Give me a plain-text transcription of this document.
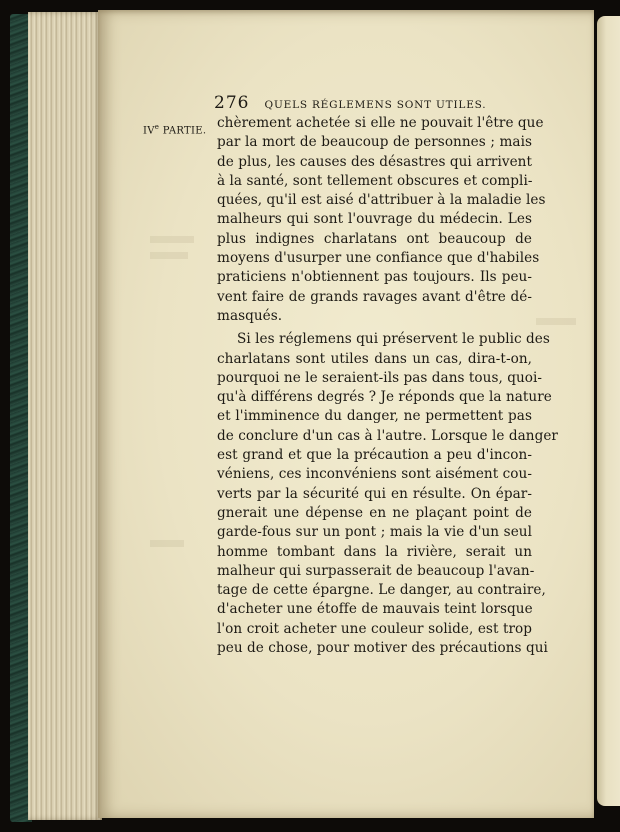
276 QUELS RÉGLEMENS SONT UTILES.
IVe PARTIE. chèrement achetée si elle ne pouvait l'être que
par la mort de beaucoup de personnes ; mais
de plus, les causes des désastres qui arrivent
à la santé, sont tellement obscures et compli-
quées, qu'il est aisé d'attribuer à la maladie les
malheurs qui sont l'ouvrage du médecin. Les
plus indignes charlatans ont beaucoup de
moyens d'usurper une confiance que d'habiles
praticiens n'obtiennent pas toujours. Ils peu-
vent faire de grands ravages avant d'être dé-
masqués.
Si les réglemens qui préservent le public des
charlatans sont utiles dans un cas, dira-t-on,
pourquoi ne le seraient-ils pas dans tous, quoi-
qu'à différens degrés ? Je réponds que la nature
et l'imminence du danger, ne permettent pas
de conclure d'un cas à l'autre. Lorsque le danger
est grand et que la précaution a peu d'incon-
véniens, ces inconvéniens sont aisément cou-
verts par la sécurité qui en résulte. On épar-
gnerait une dépense en ne plaçant point de
garde-fous sur un pont ; mais la vie d'un seul
homme tombant dans la rivière, serait un
malheur qui surpasserait de beaucoup l'avan-
tage de cette épargne. Le danger, au contraire,
d'acheter une étoffe de mauvais teint lorsque
l'on croit acheter une couleur solide, est trop
peu de chose, pour motiver des précautions qui
